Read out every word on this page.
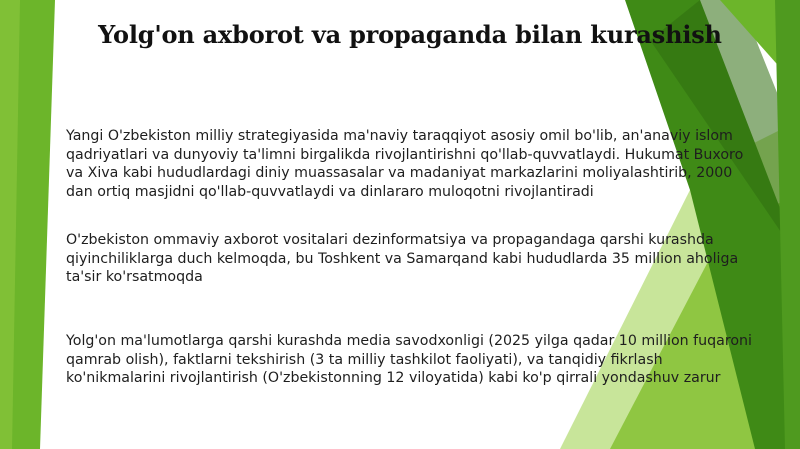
Yolg'on axborot va propaganda bilan kurashish
Yangi O'zbekiston milliy strategiyasida ma'naviy taraqqiyot asosiy omil bo'lib, an'anaviy islom qadriyatlari va dunyoviy ta'limni birgalikda rivojlantirishni qo'llab-quvvatlaydi. Hukumat Buxoro va Xiva kabi hududlardagi diniy muassasalar va madaniyat markazlarini moliyalashtirib, 2000 dan ortiq masjidni qo'llab-quvvatlaydi va dinlararo muloqotni rivojlantiradi
O'zbekiston ommaviy axborot vositalari dezinformatsiya va propagandaga qarshi kurashda qiyinchiliklarga duch kelmoqda, bu Toshkent va Samarqand kabi hududlarda 35 million aholiga ta'sir ko'rsatmoqda
Yolg'on ma'lumotlarga qarshi kurashda media savodxonligi (2025 yilga qadar 10 million fuqaroni qamrab olish), faktlarni tekshirish (3 ta milliy tashkilot faoliyati), va tanqidiy fikrlash ko'nikmalarini rivojlantirish (O'zbekistonning 12 viloyatida) kabi ko'p qirrali yondashuv zarur
